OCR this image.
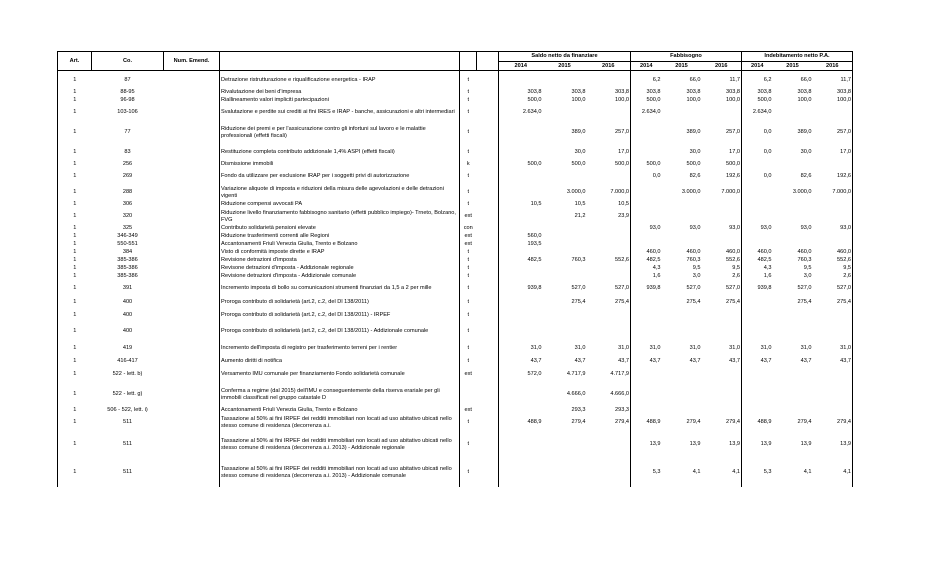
Art.	Co.	Num. Emend.				Saldo netto da finanziare			Fabbisogno			Indebitamento netto P.A.		
						2014	2015	2016	2014	2015	2016	2014	2015	2016
1	87		Detrazione ristrutturazione e riqualificazione energetica - IRAP	t					6,2	66,0	11,7	6,2	66,0	11,7
1	88-95		Rivalutazione dei beni d'impresa	t		303,8	303,8	303,8	303,8	303,8	303,8	303,8	303,8	303,8
1	96-98		Riallineamento valori impliciti partecipazioni	t		500,0	100,0	100,0	500,0	100,0	100,0	500,0	100,0	100,0
1	103-106		Svalutazione e perdite sui crediti ai fini IRES e IRAP - banche, assicurazioni e altri intermediari	t		2.634,0			2.634,0			2.634,0		
1	77		Riduzione dei premi e per l'assicurazione contro gli infortuni sul lavoro e le malattie professionali (effetti fiscali)	t			389,0	257,0		389,0	257,0	0,0	389,0	257,0
1	83		Restituzione completa contributo addizionale 1,4% ASPI (effetti fiscali)	t			30,0	17,0		30,0	17,0	0,0	30,0	17,0
1	256		Dismissione immobili	k		500,0	500,0	500,0	500,0	500,0	500,0			
1	269		Fondo da utilizzare per esclusione IRAP per i soggetti privi di autorizzazione	t					0,0	82,6	192,6	0,0	82,6	192,6
1	288		Variazione aliquote di imposta e riduzioni della misura delle agevolazioni e delle detrazioni vigenti	t			3.000,0	7.000,0		3.000,0	7.000,0		3.000,0	7.000,0
1	306		Riduzione compensi avvocati PA	t		10,5	10,5	10,5						
1	320		Riduzione livello finanziamento fabbisogno sanitario (effetti pubblico impiego)- Trneto, Bolzano, FVG	ext			21,2	23,9						
1	325		Contributo solidarietà pensioni elevate	con					93,0	93,0	93,0	93,0	93,0	93,0
1	346-349		Riduzione trasferimenti correnti alle Regioni	ext		560,0								
1	550-551		Accantonamenti Friuli Venezia Giulia, Trento e Bolzano	ext		193,5								
1	384		Visto di conformità imposte dirette e IRAP	t					460,0	460,0	460,0	460,0	460,0	460,0
1	385-386		Revisione detrazioni d'imposta	t		482,5	760,3	552,6	482,5	760,3	552,6	482,5	760,3	552,6
1	385-386		Revisone detrazioni d'imposta - Addizionale regionale	t					4,3	9,5	9,5	4,3	9,5	9,5
1	385-386		Revisione detrazioni d'imposta - Addizionale comunale	t					1,6	3,0	2,6	1,6	3,0	2,6
1	391		Incremento imposta di bollo su comunicazioni strumenti finanziari da 1,5 a 2 per mille	t		939,8	527,0	527,0	939,8	527,0	527,0	939,8	527,0	527,0
1	400		Proroga contributo di solidarietà (art.2, c.2, del Dl 138/2011)	t			275,4	275,4		275,4	275,4		275,4	275,4
1	400		Proroga contributo di solidarietà (art.2, c.2, del Dl 138/2011) - IRPEF	t										
1	400		Proroga contributo di solidarietà (art.2, c.2, del Dl 138/2011) - Addizionale comunale	t										
1	419		Incremento dell'imposta di registro per trasferimento terreni per i rentier	t		31,0	31,0	31,0	31,0	31,0	31,0	31,0	31,0	31,0
1	416-417		Aumento diritti di notifica	t		43,7	43,7	43,7	43,7	43,7	43,7	43,7	43,7	43,7
1	522 - lett. b)		Versamento IMU comunale per finanziamento Fondo solidarietà comunale	ext		572,0	4.717,9	4.717,9						
1	522 - lett. g)		Conferma a regime (dal 2015) dell'IMU e conseguentemente della riserva erariale per gli immobili classificati nel gruppo catastale D				4.666,0	4.666,0						
1	506 - 522, lett. i)		Accantonamenti Friuli Venezia Giulia, Trento e Bolzano	ext			293,3	293,3						
1	511		Tassazione al 50% ai fini IRPEF dei redditi immobiliari non locati ad uso abitativo ubicati nello stesso comune di residenza (decorrenza a.i.	t		488,9	279,4	279,4	488,9	279,4	279,4	488,9	279,4	279,4
1	511		Tassazione al 50% ai fini IRPEF dei redditi immobiliari non locati ad uso abitativo ubicati nello stesso comune di residenza (decorrenza a.i. 2013) - Addizionale regionale	t					13,9	13,9	13,9	13,9	13,9	13,9
1	511		Tassazione al 50% ai fini IRPEF dei redditi immobiliari non locati ad uso abitativo ubicati nello stesso comune di residenza (decorrenza a.i. 2013) - Addizionale comunale	t					5,3	4,1	4,1	5,3	4,1	4,1
